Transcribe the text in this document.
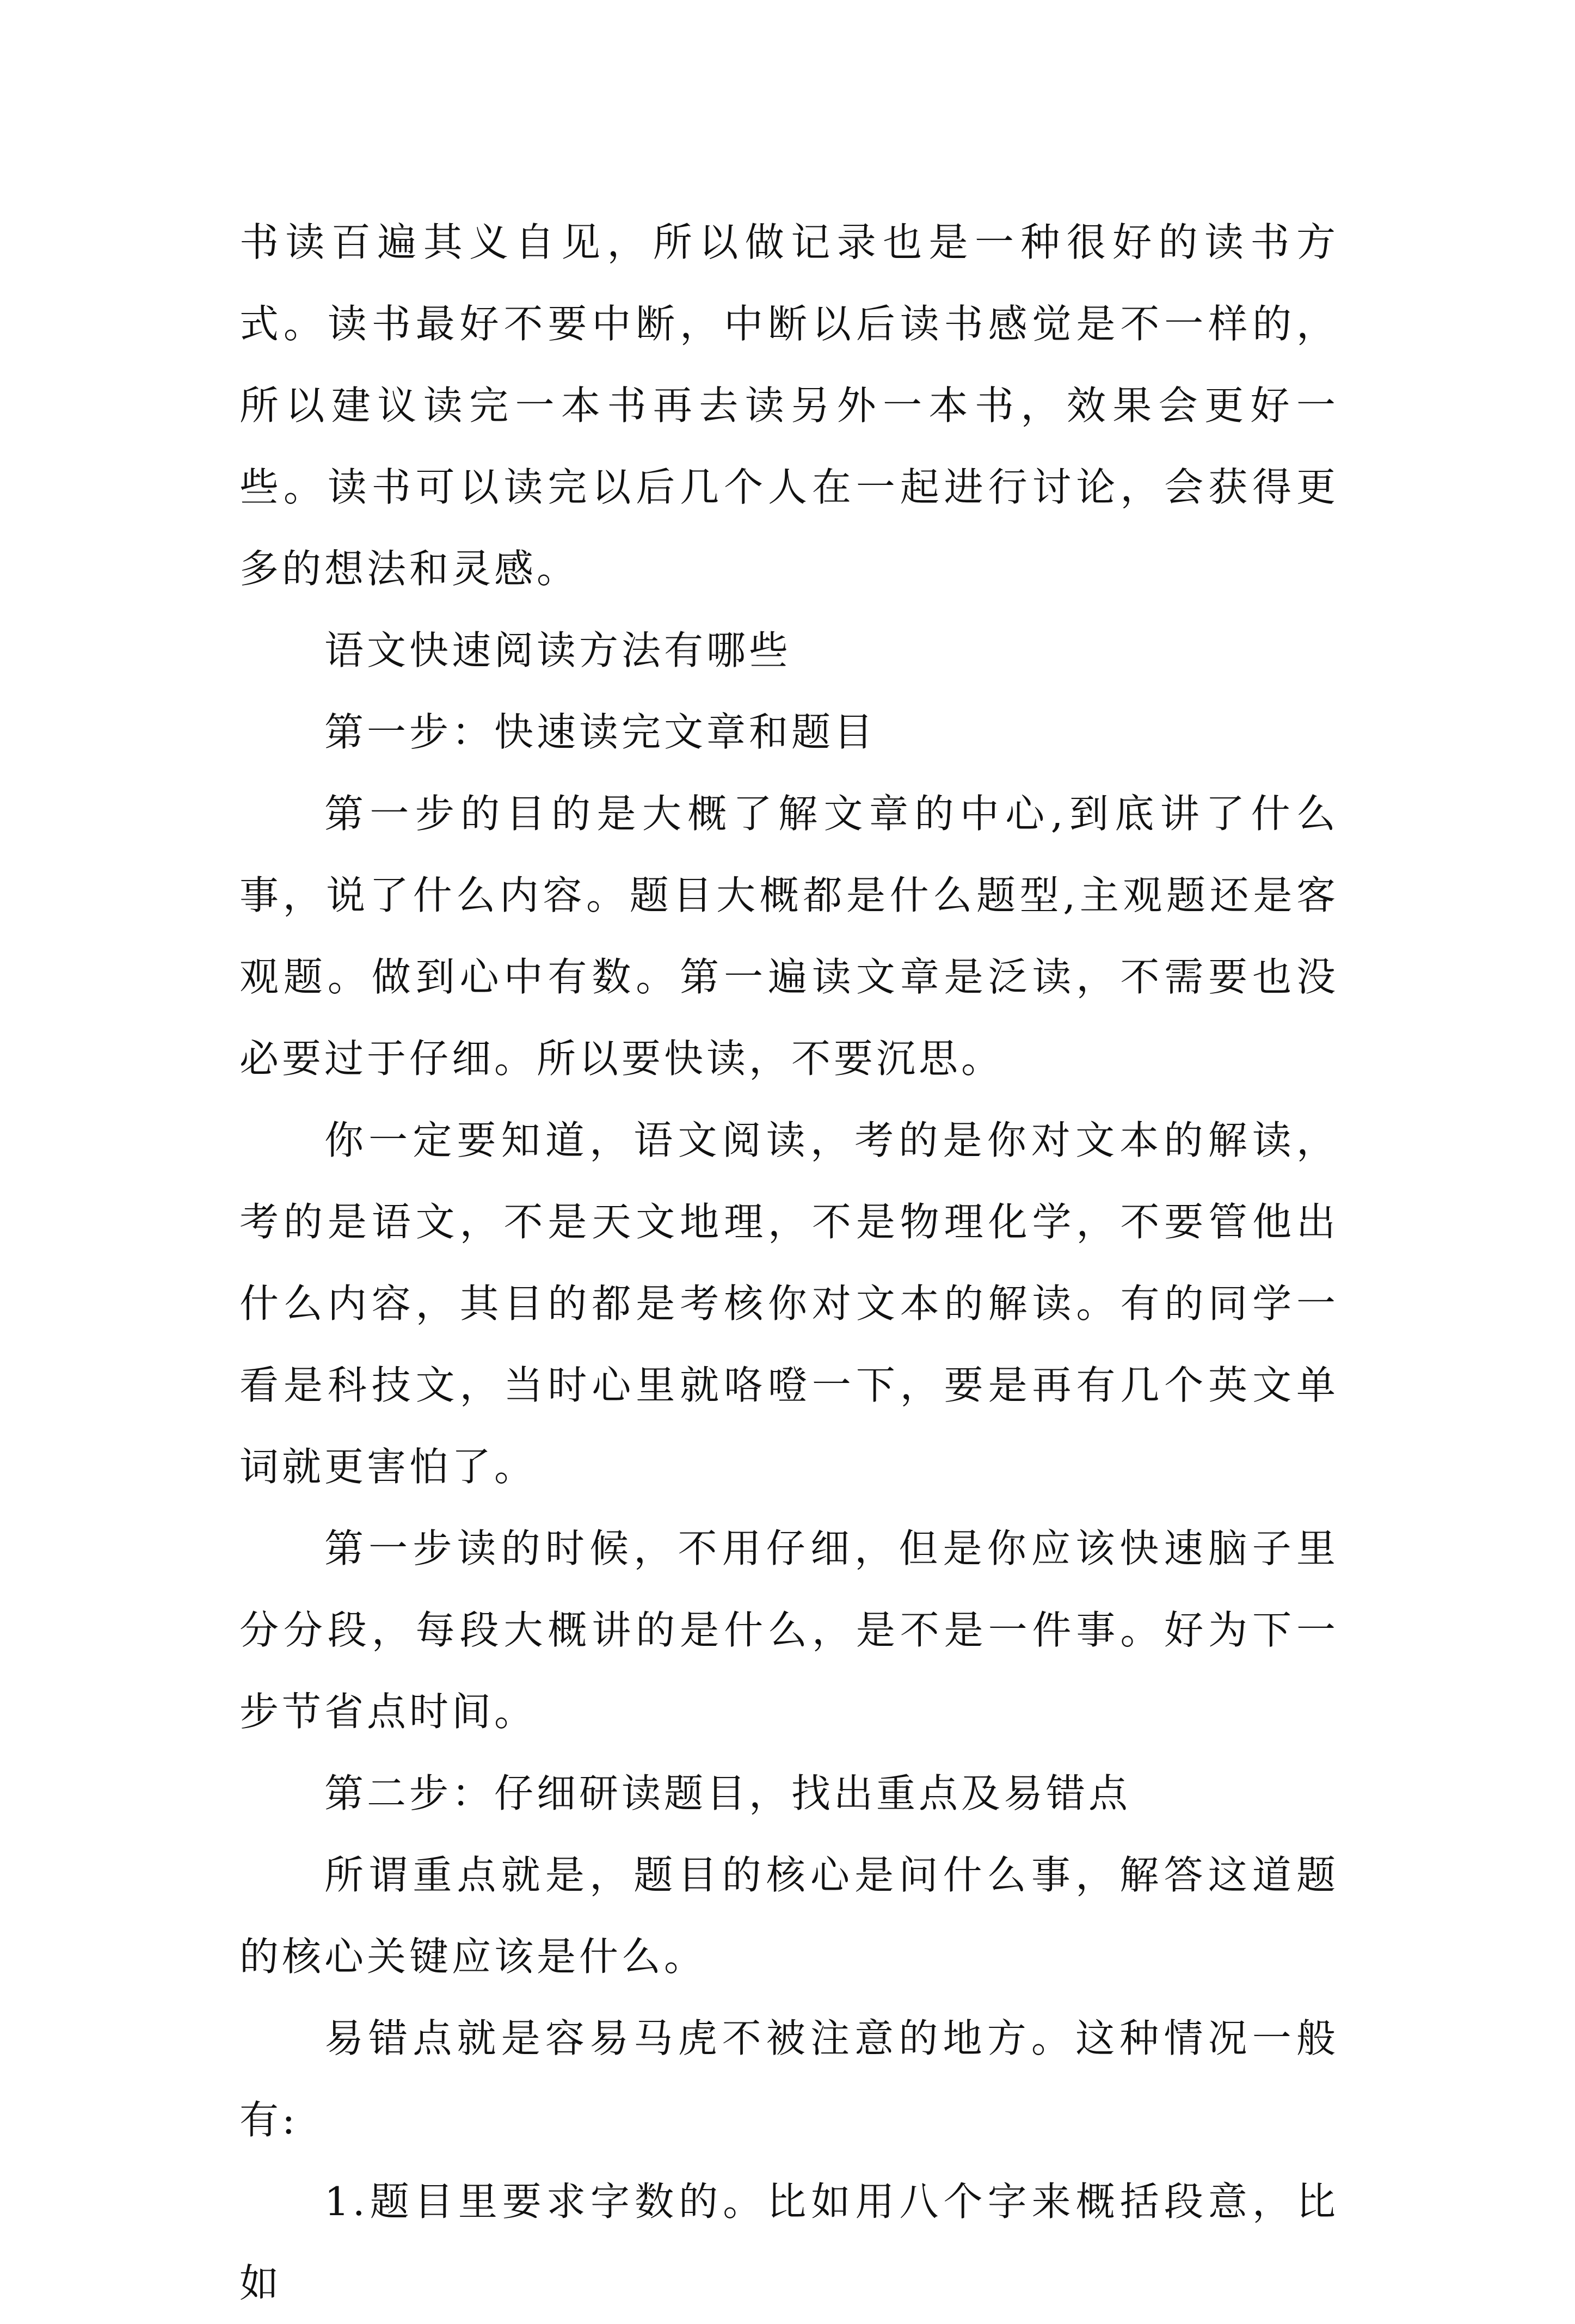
书读百遍其义自见，所以做记录也是一种很好的读书方式。读书最好不要中断，中断以后读书感觉是不一样的，所以建议读完一本书再去读另外一本书，效果会更好一些。读书可以读完以后几个人在一起进行讨论，会获得更多的想法和灵感。

语文快速阅读方法有哪些

第一步：快速读完文章和题目

第一步的目的是大概了解文章的中心,到底讲了什么事，说了什么内容。题目大概都是什么题型,主观题还是客观题。做到心中有数。第一遍读文章是泛读，不需要也没必要过于仔细。所以要快读，不要沉思。

你一定要知道，语文阅读，考的是你对文本的解读，考的是语文，不是天文地理，不是物理化学，不要管他出什么内容，其目的都是考核你对文本的解读。有的同学一看是科技文，当时心里就咯噔一下，要是再有几个英文单词就更害怕了。

第一步读的时候，不用仔细，但是你应该快速脑子里分分段，每段大概讲的是什么，是不是一件事。好为下一步节省点时间。

第二步：仔细研读题目，找出重点及易错点

所谓重点就是，题目的核心是问什么事，解答这道题的核心关键应该是什么。

易错点就是容易马虎不被注意的地方。这种情况一般有:

1.题目里要求字数的。比如用八个字来概括段意，比如
